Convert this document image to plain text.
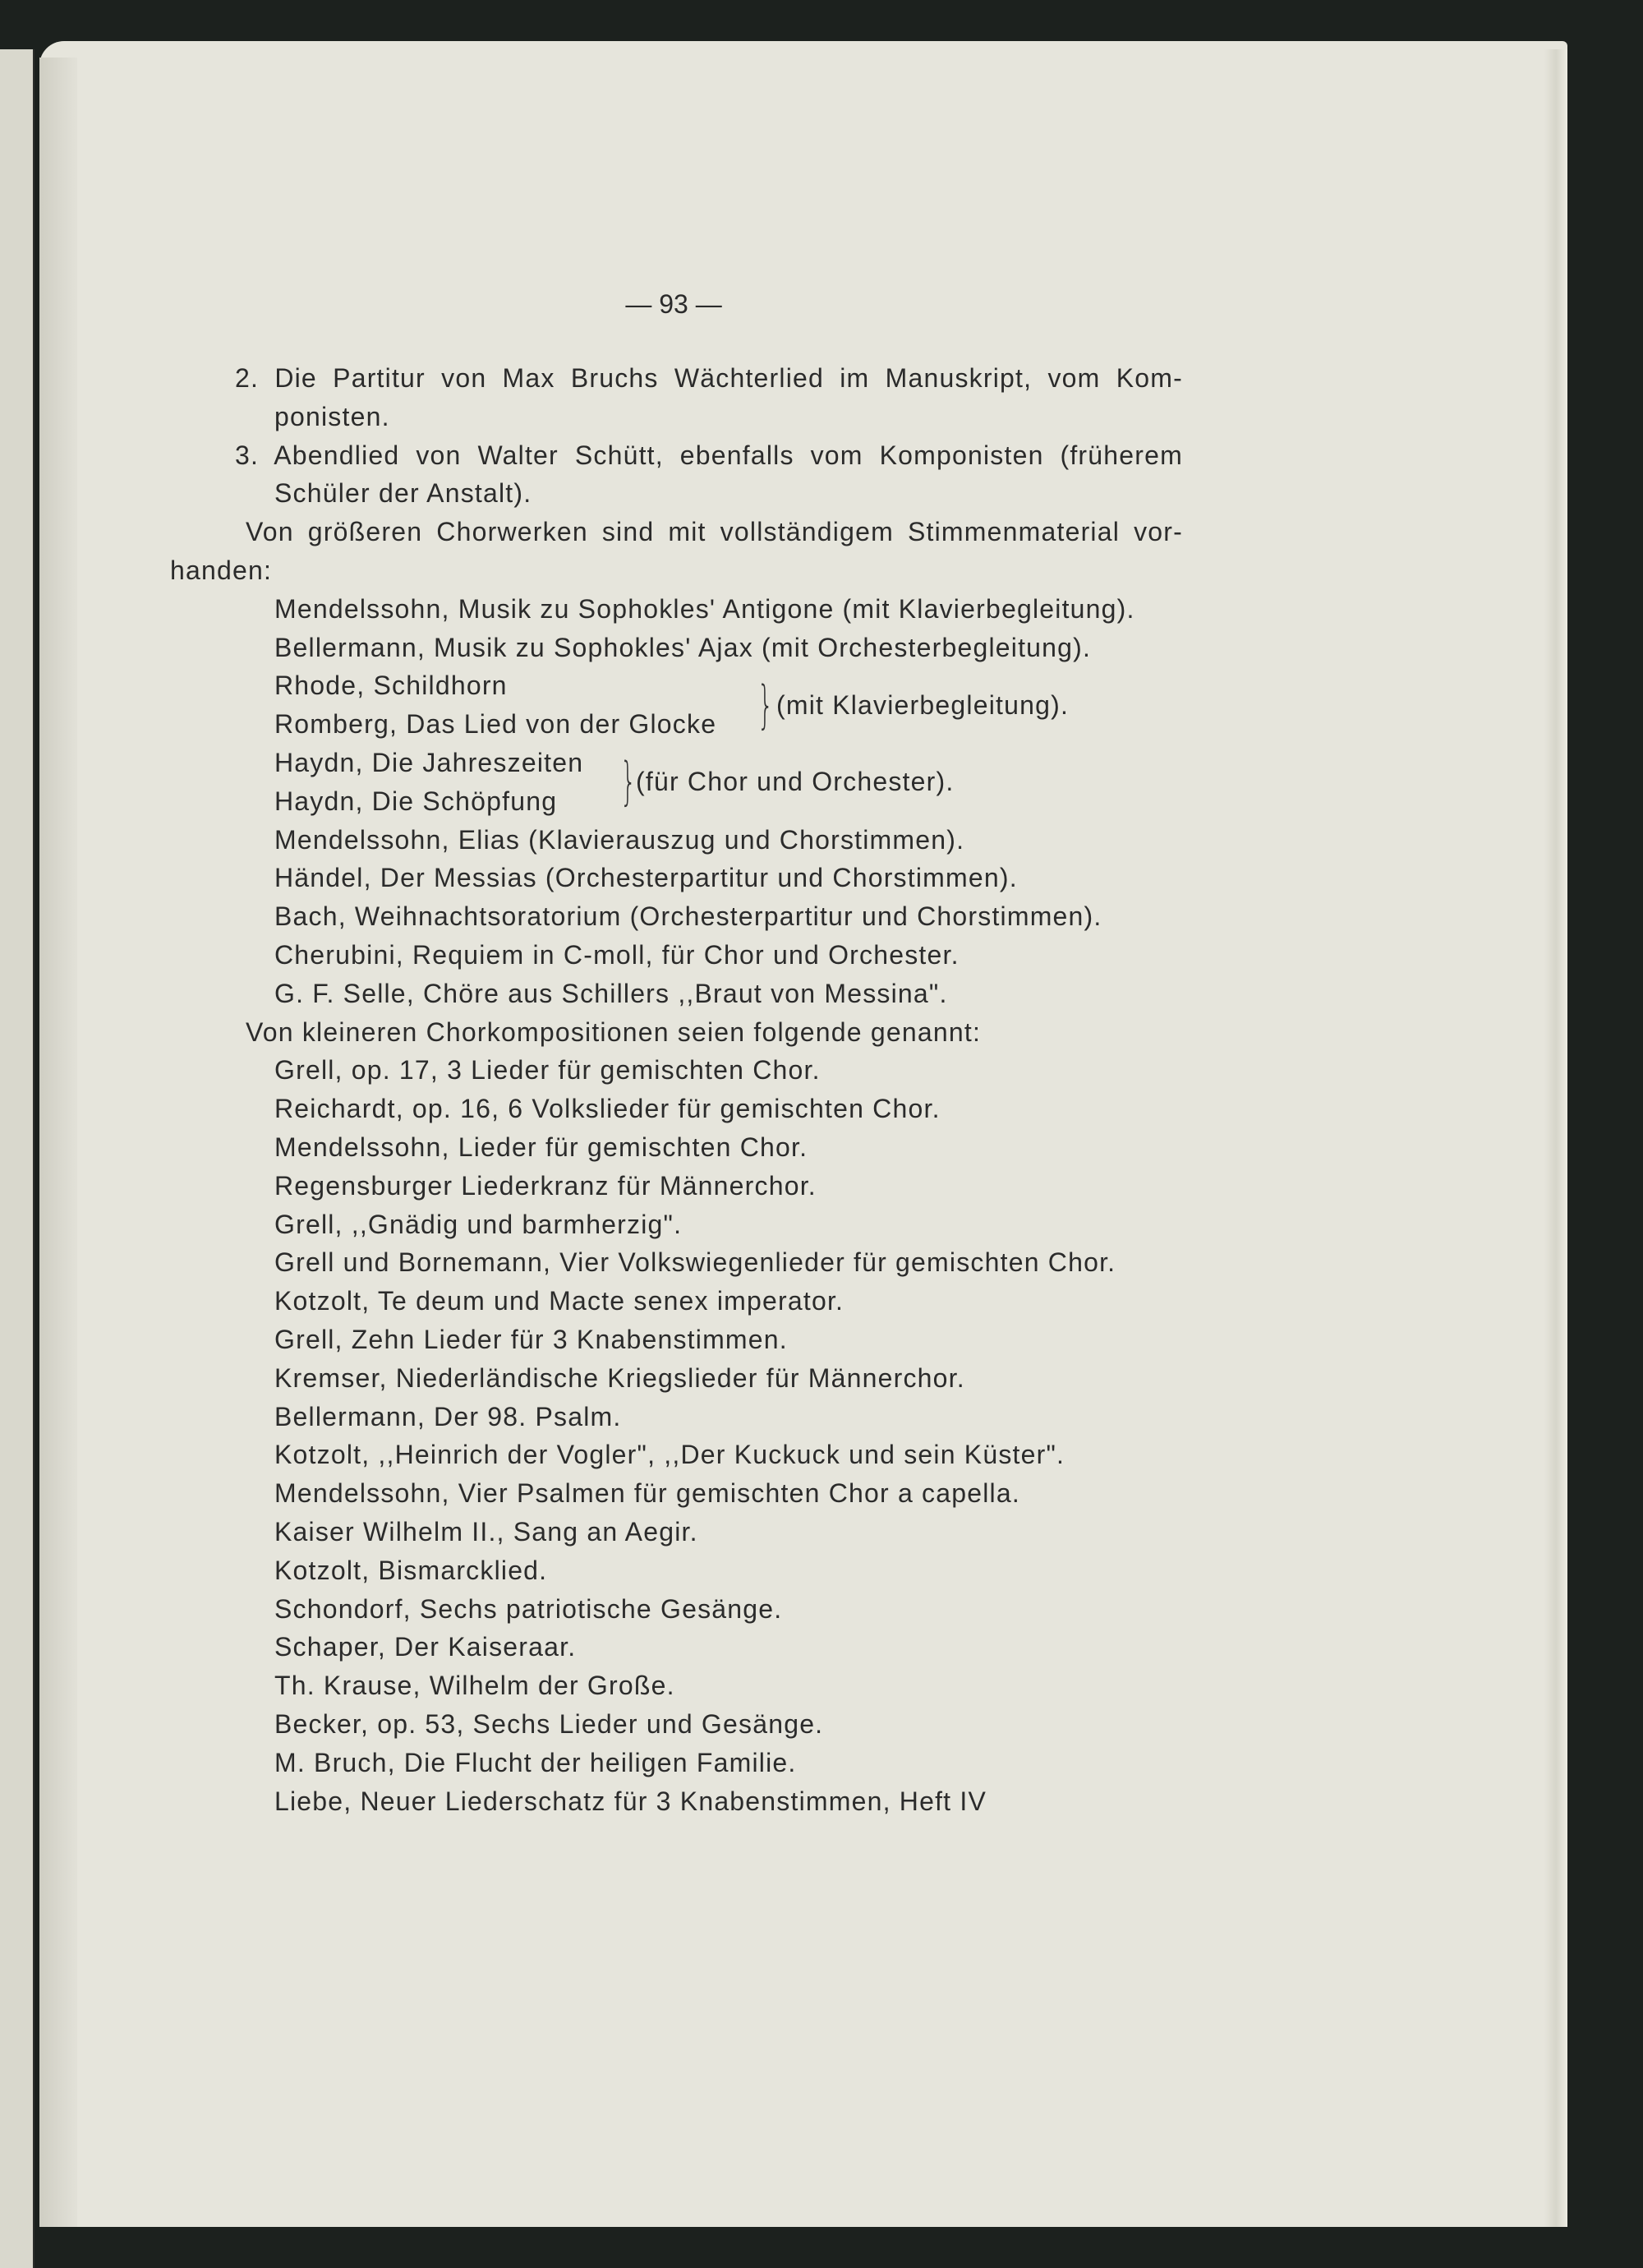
— 93 —
2. Die Partitur von Max Bruchs Wächterlied im Manuskript, vom Kom-
ponisten.
3. Abendlied von Walter Schütt, ebenfalls vom Komponisten (früherem
Schüler der Anstalt).
Von größeren Chorwerken sind mit vollständigem Stimmenmaterial vor-
handen:
Mendelssohn, Musik zu Sophokles' Antigone (mit Klavierbegleitung).
Bellermann, Musik zu Sophokles' Ajax (mit Orchesterbegleitung).
Rhode, Schildhorn
Romberg, Das Lied von der Glocke
Haydn, Die Jahreszeiten
Haydn, Die Schöpfung
Mendelssohn, Elias (Klavierauszug und Chorstimmen).
Händel, Der Messias (Orchesterpartitur und Chorstimmen).
Bach, Weihnachtsoratorium (Orchesterpartitur und Chorstimmen).
Cherubini, Requiem in C-moll, für Chor und Orchester.
G. F. Selle, Chöre aus Schillers ,,Braut von Messina".
Von kleineren Chorkompositionen seien folgende genannt:
Grell, op. 17, 3 Lieder für gemischten Chor.
Reichardt, op. 16, 6 Volkslieder für gemischten Chor.
Mendelssohn, Lieder für gemischten Chor.
Regensburger Liederkranz für Männerchor.
Grell, ,,Gnädig und barmherzig".
Grell und Bornemann, Vier Volkswiegenlieder für gemischten Chor.
Kotzolt, Te deum und Macte senex imperator.
Grell, Zehn Lieder für 3 Knabenstimmen.
Kremser, Niederländische Kriegslieder für Männerchor.
Bellermann, Der 98. Psalm.
Kotzolt, ,,Heinrich der Vogler", ,,Der Kuckuck und sein Küster".
Mendelssohn, Vier Psalmen für gemischten Chor a capella.
Kaiser Wilhelm II., Sang an Aegir.
Kotzolt, Bismarcklied.
Schondorf, Sechs patriotische Gesänge.
Schaper, Der Kaiseraar.
Th. Krause, Wilhelm der Große.
Becker, op. 53, Sechs Lieder und Gesänge.
M. Bruch, Die Flucht der heiligen Familie.
Liebe, Neuer Liederschatz für 3 Knabenstimmen, Heft IV
} (mit Klavierbegleitung).
} (für Chor und Orchester).
